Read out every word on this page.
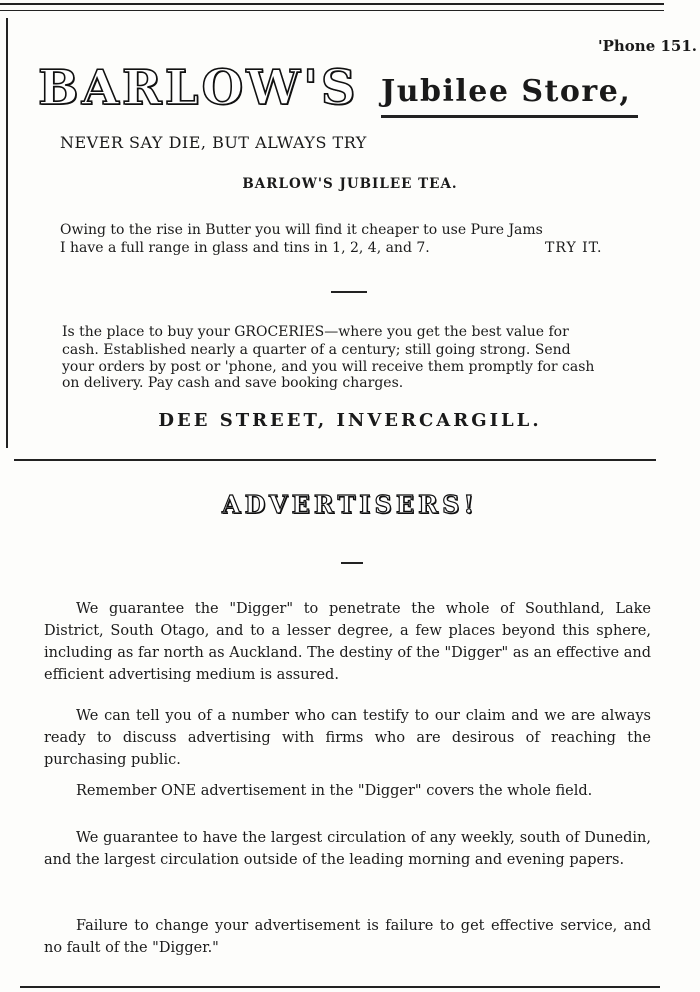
'Phone 151.
BARLOW'S Jubilee Store,
NEVER SAY DIE, BUT ALWAYS TRY
BARLOW'S JUBILEE TEA.
Owing to the rise in Butter you will find it cheaper to use Pure Jams
I have a full range in glass and tins in 1, 2, 4, and 7.	TRY IT.
Is the place to buy your GROCERIES—where you get the best value for
cash. Established nearly a quarter of a century; still going strong. Send
your orders by post or 'phone, and you will receive them promptly for cash
on delivery. Pay cash and save booking charges.
DEE STREET, INVERCARGILL.
ADVERTISERS!

We guarantee the "Digger" to penetrate the whole of Southland, Lake District, South Otago, and to a lesser degree, a few places beyond this sphere, including as far north as Auckland. The destiny of the "Digger" as an effective and efficient advertising medium is assured.

We can tell you of a number who can testify to our claim and we are always ready to discuss advertising with firms who are desirous of reaching the purchasing public.

Remember ONE advertisement in the "Digger" covers the whole field.

We guarantee to have the largest circulation of any weekly, south of Dunedin, and the largest circulation outside of the leading morning and evening papers.

Failure to change your advertisement is failure to get effective service, and no fault of the "Digger."
